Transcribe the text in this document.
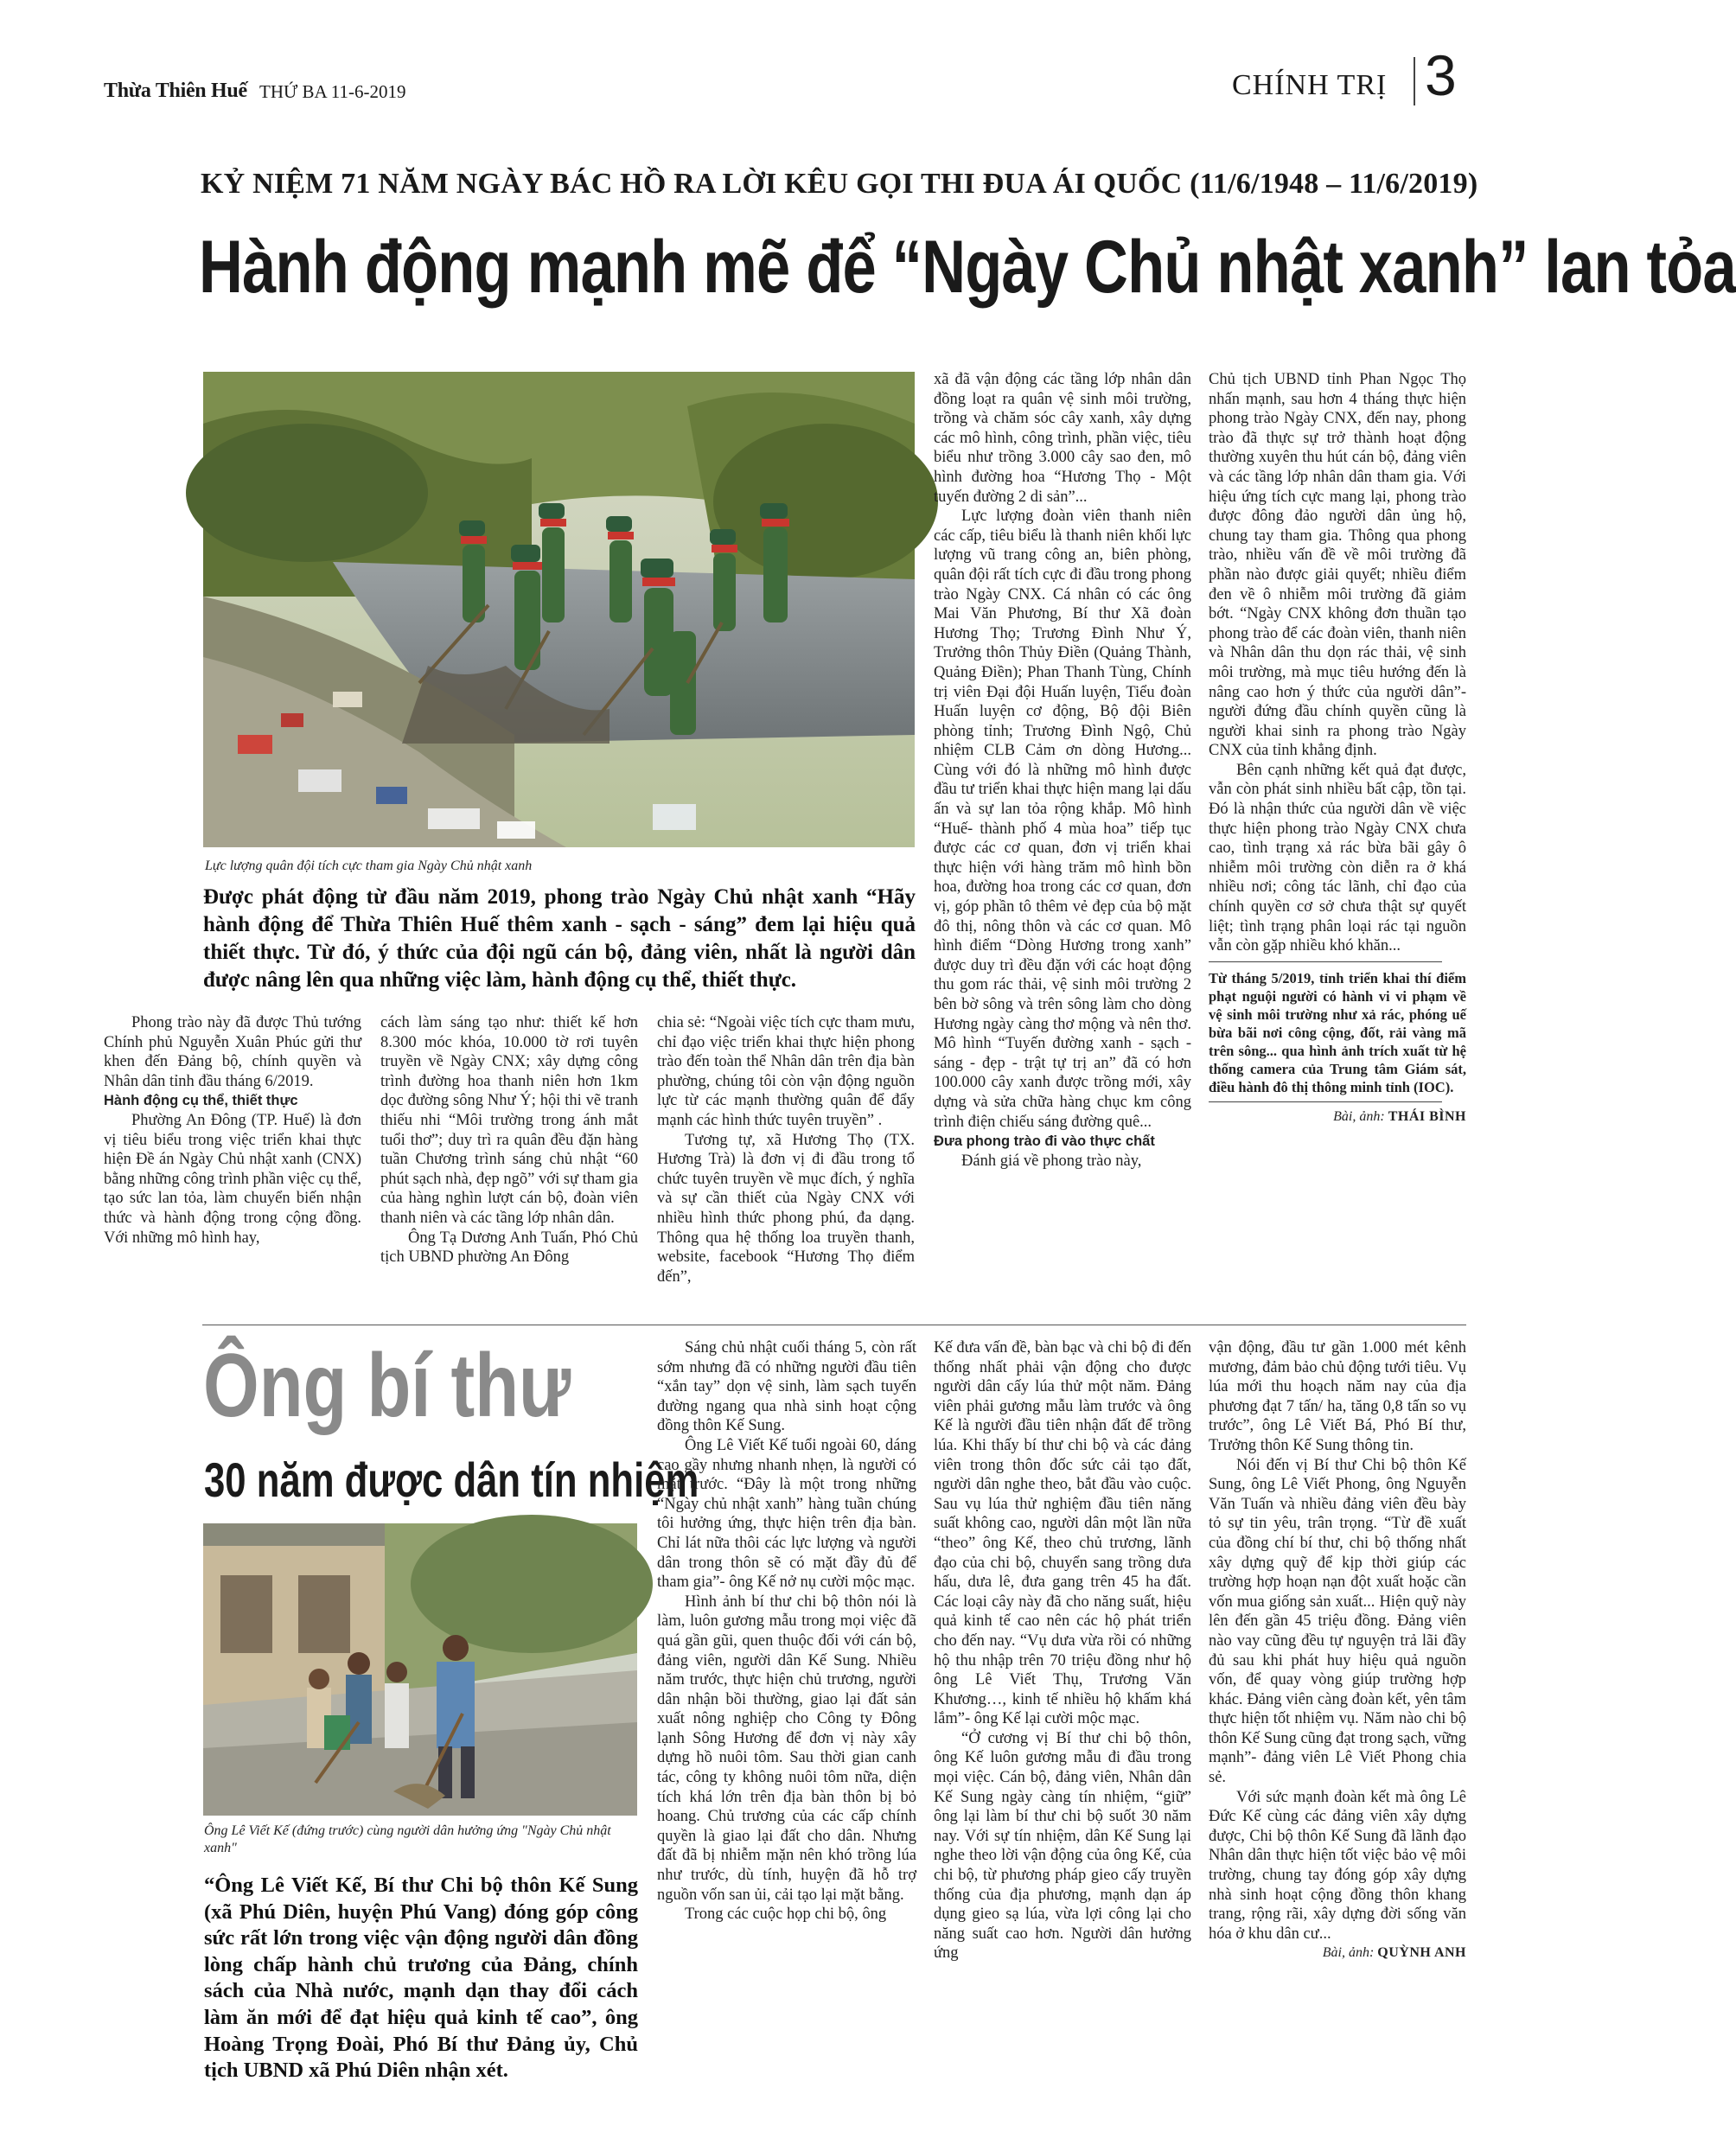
Thừa Thiên Huế THỨ BA 11-6-2019	CHÍNH TRỊ 3
KỶ NIỆM 71 NĂM NGÀY BÁC HỒ RA LỜI KÊU GỌI THI ĐUA ÁI QUỐC (11/6/1948 – 11/6/2019)
Hành động mạnh mẽ để “Ngày Chủ nhật xanh” lan tỏa
Lực lượng quân đội tích cực tham gia Ngày Chủ nhật xanh
Được phát động từ đầu năm 2019, phong trào Ngày Chủ nhật xanh “Hãy hành động để Thừa Thiên Huế thêm xanh - sạch - sáng” đem lại hiệu quả thiết thực. Từ đó, ý thức của đội ngũ cán bộ, đảng viên, nhất là người dân được nâng lên qua những việc làm, hành động cụ thể, thiết thực.

Phong trào này đã được Thủ tướng Chính phủ Nguyễn Xuân Phúc gửi thư khen đến Đảng bộ, chính quyền và Nhân dân tỉnh đầu tháng 6/2019.

Hành động cụ thể, thiết thực

Phường An Đông (TP. Huế) là đơn vị tiêu biểu trong việc triển khai thực hiện Đề án Ngày Chủ nhật xanh (CNX) bằng những công trình phần việc cụ thể, tạo sức lan tỏa, làm chuyển biến nhận thức và hành động trong cộng đồng. Với những mô hình hay,

cách làm sáng tạo như: thiết kế hơn 8.300 móc khóa, 10.000 tờ rơi tuyên truyền về Ngày CNX; xây dựng công trình đường hoa thanh niên hơn 1km dọc đường sông Như Ý; hội thi vẽ tranh thiếu nhi “Môi trường trong ánh mắt tuổi thơ”; duy trì ra quân đều đặn hàng tuần Chương trình sáng chủ nhật “60 phút sạch nhà, đẹp ngõ” với sự tham gia của hàng nghìn lượt cán bộ, đoàn viên thanh niên và các tầng lớp nhân dân.

Ông Tạ Dương Anh Tuấn, Phó Chủ tịch UBND phường An Đông

chia sẻ: “Ngoài việc tích cực tham mưu, chỉ đạo việc triển khai thực hiện phong trào đến toàn thể Nhân dân trên địa bàn phường, chúng tôi còn vận động nguồn lực từ các mạnh thường quân để đẩy mạnh các hình thức tuyên truyền” .

Tương tự, xã Hương Thọ (TX. Hương Trà) là đơn vị đi đầu trong tổ chức tuyên truyền về mục đích, ý nghĩa và sự cần thiết của Ngày CNX với nhiều hình thức phong phú, đa dạng. Thông qua hệ thống loa truyền thanh, website, facebook “Hương Thọ điểm đến”,

xã đã vận động các tầng lớp nhân dân đồng loạt ra quân vệ sinh môi trường, trồng và chăm sóc cây xanh, xây dựng các mô hình, công trình, phần việc, tiêu biểu như trồng 3.000 cây sao đen, mô hình đường hoa “Hương Thọ - Một tuyến đường 2 di sản”...

Lực lượng đoàn viên thanh niên các cấp, tiêu biểu là thanh niên khối lực lượng vũ trang công an, biên phòng, quân đội rất tích cực đi đầu trong phong trào Ngày CNX. Cá nhân có các ông Mai Văn Phương, Bí thư Xã đoàn Hương Thọ; Trương Đình Như Ý, Trưởng thôn Thủy Điền (Quảng Thành, Quảng Điền); Phan Thanh Tùng, Chính trị viên Đại đội Huấn luyện, Tiểu đoàn Huấn luyện cơ động, Bộ đội Biên phòng tỉnh; Trương Đình Ngộ, Chủ nhiệm CLB Cảm ơn dòng Hương... Cùng với đó là những mô hình được đầu tư triển khai thực hiện mang lại dấu ấn và sự lan tỏa rộng khắp. Mô hình “Huế- thành phố 4 mùa hoa” tiếp tục được các cơ quan, đơn vị triển khai thực hiện với hàng trăm mô hình bồn hoa, đường hoa trong các cơ quan, đơn vị, góp phần tô thêm vẻ đẹp của bộ mặt đô thị, nông thôn và các cơ quan. Mô hình điểm “Dòng Hương trong xanh” được duy trì đều đặn với các hoạt động thu gom rác thải, vệ sinh môi trường 2 bên bờ sông và trên sông làm cho dòng Hương ngày càng thơ mộng và nên thơ. Mô hình “Tuyến đường xanh - sạch - sáng - đẹp - trật tự trị an” đã có hơn 100.000 cây xanh được trồng mới, xây dựng và sửa chữa hàng chục km công trình điện chiếu sáng đường quê...

Đưa phong trào đi vào thực chất

Đánh giá về phong trào này,

Chủ tịch UBND tỉnh Phan Ngọc Thọ nhấn mạnh, sau hơn 4 tháng thực hiện phong trào Ngày CNX, đến nay, phong trào đã thực sự trở thành hoạt động thường xuyên thu hút cán bộ, đảng viên và các tầng lớp nhân dân tham gia. Với hiệu ứng tích cực mang lại, phong trào được đông đảo người dân ủng hộ, chung tay tham gia. Thông qua phong trào, nhiều vấn đề về môi trường đã phần nào được giải quyết; nhiều điểm đen về ô nhiễm môi trường đã giảm bớt. “Ngày CNX không đơn thuần tạo phong trào để các đoàn viên, thanh niên và Nhân dân thu dọn rác thải, vệ sinh môi trường, mà mục tiêu hướng đến là nâng cao hơn ý thức của người dân”- người đứng đầu chính quyền cũng là người khai sinh ra phong trào Ngày CNX của tỉnh khẳng định.

Bên cạnh những kết quả đạt được, vẫn còn phát sinh nhiều bất cập, tồn tại. Đó là nhận thức của người dân về việc thực hiện phong trào Ngày CNX chưa cao, tình trạng xả rác bừa bãi gây ô nhiễm môi trường còn diễn ra ở khá nhiều nơi; công tác lãnh, chỉ đạo của chính quyền cơ sở chưa thật sự quyết liệt; tình trạng phân loại rác tại nguồn vẫn còn gặp nhiều khó khăn...

Từ tháng 5/2019, tỉnh triển khai thí điểm phạt nguội người có hành vi vi phạm về vệ sinh môi trường như xả rác, phóng uế bừa bãi nơi công cộng, đốt, rải vàng mã trên sông... qua hình ảnh trích xuất từ hệ thống camera của Trung tâm Giám sát, điều hành đô thị thông minh tỉnh (IOC).
Bài, ảnh: THÁI BÌNH
Ông bí thư
30 năm được dân tín nhiệm
Ông Lê Viết Kế (đứng trước) cùng người dân hưởng ứng "Ngày Chủ nhật xanh"
“Ông Lê Viết Kế, Bí thư Chi bộ thôn Kế Sung (xã Phú Diên, huyện Phú Vang) đóng góp công sức rất lớn trong việc vận động người dân đồng lòng chấp hành chủ trương của Đảng, chính sách của Nhà nước, mạnh dạn thay đổi cách làm ăn mới để đạt hiệu quả kinh tế cao”, ông Hoàng Trọng Đoài, Phó Bí thư Đảng ủy, Chủ tịch UBND xã Phú Diên nhận xét.

Sáng chủ nhật cuối tháng 5, còn rất sớm nhưng đã có những người đầu tiên “xắn tay” dọn vệ sinh, làm sạch tuyến đường ngang qua nhà sinh hoạt cộng đồng thôn Kế Sung.

Ông Lê Viết Kế tuổi ngoài 60, dáng cao gầy nhưng nhanh nhẹn, là người có mặt trước. “Đây là một trong những “Ngày chủ nhật xanh” hàng tuần chúng tôi hưởng ứng, thực hiện trên địa bàn. Chỉ lát nữa thôi các lực lượng và người dân trong thôn sẽ có mặt đầy đủ để tham gia”- ông Kế nở nụ cười mộc mạc.

Hình ảnh bí thư chi bộ thôn nói là làm, luôn gương mẫu trong mọi việc đã quá gần gũi, quen thuộc đối với cán bộ, đảng viên, người dân Kế Sung. Nhiều năm trước, thực hiện chủ trương, người dân nhận bồi thường, giao lại đất sản xuất nông nghiệp cho Công ty Đông lạnh Sông Hương để đơn vị này xây dựng hồ nuôi tôm. Sau thời gian canh tác, công ty không nuôi tôm nữa, diện tích khá lớn trên địa bàn thôn bị bỏ hoang. Chủ trương của các cấp chính quyền là giao lại đất cho dân. Nhưng đất đã bị nhiễm mặn nên khó trồng lúa như trước, dù tính, huyện đã hỗ trợ nguồn vốn san ủi, cải tạo lại mặt bằng.

Trong các cuộc họp chi bộ, ông

Kế đưa vấn đề, bàn bạc và chi bộ đi đến thống nhất phải vận động cho được người dân cấy lúa thử một năm. Đảng viên phải gương mẫu làm trước và ông Kế là người đầu tiên nhận đất để trồng lúa. Khi thấy bí thư chi bộ và các đảng viên trong thôn đốc sức cải tạo đất, người dân nghe theo, bắt đầu vào cuộc. Sau vụ lúa thử nghiệm đầu tiên năng suất không cao, người dân một lần nữa “theo” ông Kế, theo chủ trương, lãnh đạo của chi bộ, chuyển sang trồng dưa hấu, dưa lê, đưa gang trên 45 ha đất. Các loại cây này đã cho năng suất, hiệu quả kinh tế cao nên các hộ phát triển cho đến nay. “Vụ dưa vừa rồi có những hộ thu nhập trên 70 triệu đồng như hộ ông Lê Viết Thụ, Trương Văn Khương…, kinh tế nhiều hộ khấm khá lắm”- ông Kế lại cười mộc mạc.

“Ở cương vị Bí thư chi bộ thôn, ông Kế luôn gương mẫu đi đầu trong mọi việc. Cán bộ, đảng viên, Nhân dân Kế Sung ngày càng tín nhiệm, “giữ” ông lại làm bí thư chi bộ suốt 30 năm nay. Với sự tín nhiệm, dân Kế Sung lại nghe theo lời vận động của ông Kế, của chi bộ, từ phương pháp gieo cấy truyền thống của địa phương, mạnh dạn áp dụng gieo sạ lúa, vừa lợi công lại cho năng suất cao hơn. Người dân hưởng ứng

vận động, đầu tư gần 1.000 mét kênh mương, đảm bảo chủ động tưới tiêu. Vụ lúa mới thu hoạch năm nay của địa phương đạt 7 tấn/ ha, tăng 0,8 tấn so vụ trước”, ông Lê Viết Bá, Phó Bí thư, Trưởng thôn Kế Sung thông tin.

Nói đến vị Bí thư Chi bộ thôn Kế Sung, ông Lê Viết Phong, ông Nguyễn Văn Tuấn và nhiều đảng viên đều bày tỏ sự tin yêu, trân trọng. “Từ đề xuất của đồng chí bí thư, chi bộ thống nhất xây dựng quỹ để kịp thời giúp các trường hợp hoạn nạn đột xuất hoặc cần vốn mua giống sản xuất... Hiện quỹ này lên đến gần 45 triệu đồng. Đảng viên nào vay cũng đều tự nguyện trả lãi đầy đủ sau khi phát huy hiệu quả nguồn vốn, để quay vòng giúp trường hợp khác. Đảng viên càng đoàn kết, yên tâm thực hiện tốt nhiệm vụ. Năm nào chi bộ thôn Kế Sung cũng đạt trong sạch, vững mạnh”- đảng viên Lê Viết Phong chia sẻ.

Với sức mạnh đoàn kết mà ông Lê Đức Kế cùng các đảng viên xây dựng được, Chi bộ thôn Kế Sung đã lãnh đạo Nhân dân thực hiện tốt việc bảo vệ môi trường, chung tay đóng góp xây dựng nhà sinh hoạt cộng đồng thôn khang trang, rộng rãi, xây dựng đời sống văn hóa ở khu dân cư...

Bài, ảnh: QUỲNH ANH
